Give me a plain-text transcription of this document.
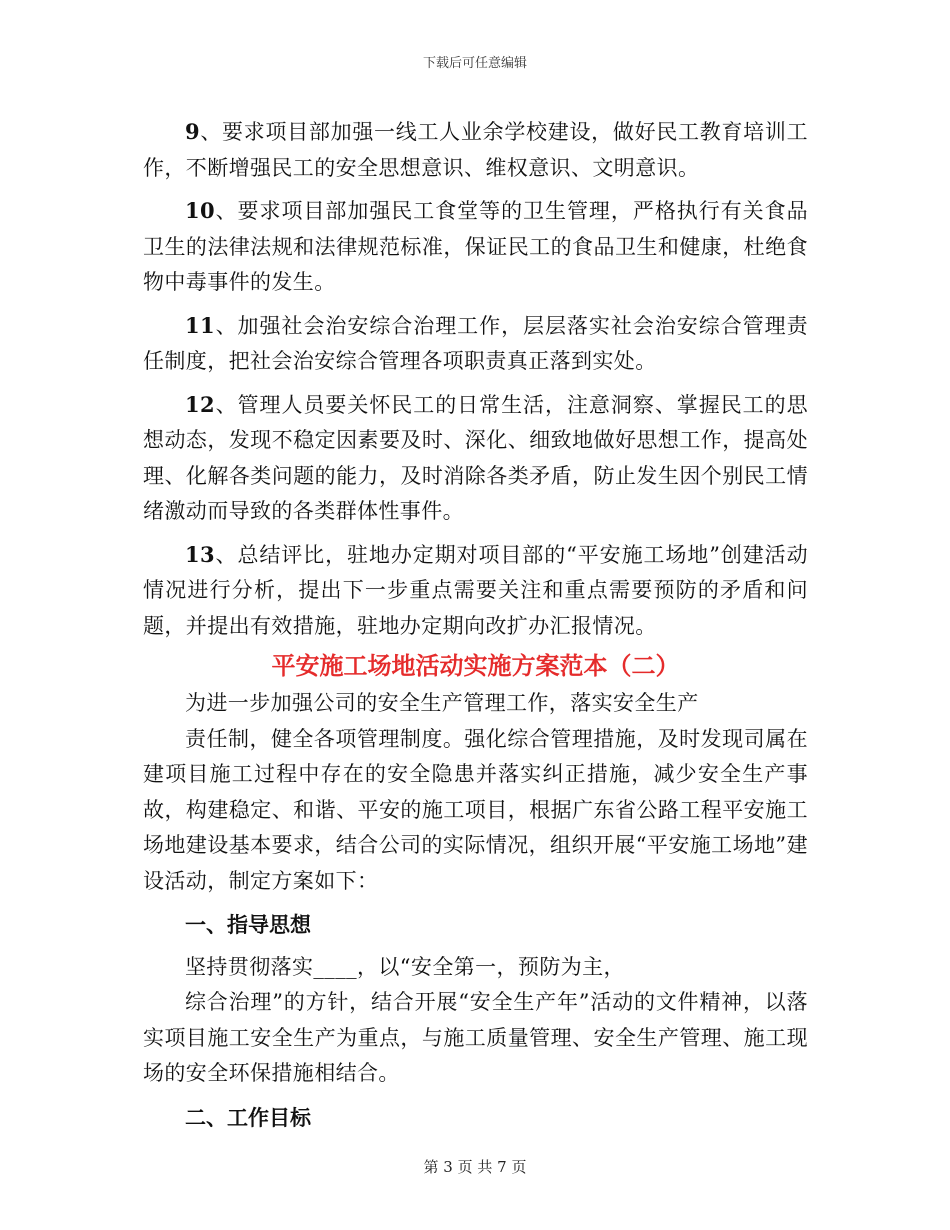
下载后可任意编辑

9、要求项目部加强一线工人业余学校建设，做好民工教育培训工作，不断增强民工的安全思想意识、维权意识、文明意识。

10、要求项目部加强民工食堂等的卫生管理，严格执行有关食品卫生的法律法规和法律规范标准，保证民工的食品卫生和健康，杜绝食物中毒事件的发生。

11、加强社会治安综合治理工作，层层落实社会治安综合管理责任制度，把社会治安综合管理各项职责真正落到实处。

12、管理人员要关怀民工的日常生活，注意洞察、掌握民工的思想动态，发现不稳定因素要及时、深化、细致地做好思想工作，提高处理、化解各类问题的能力，及时消除各类矛盾，防止发生因个别民工情绪激动而导致的各类群体性事件。

13、总结评比，驻地办定期对项目部的“平安施工场地”创建活动情况进行分析，提出下一步重点需要关注和重点需要预防的矛盾和问题，并提出有效措施，驻地办定期向改扩办汇报情况。

平安施工场地活动实施方案范本（二）

为进一步加强公司的安全生产管理工作，落实安全生产

责任制，健全各项管理制度。强化综合管理措施，及时发现司属在建项目施工过程中存在的安全隐患并落实纠正措施，减少安全生产事故，构建稳定、和谐、平安的施工项目，根据广东省公路工程平安施工场地建设基本要求，结合公司的实际情况，组织开展“平安施工场地”建设活动，制定方案如下：

一、指导思想

坚持贯彻落实____，以“安全第一，预防为主，

综合治理”的方针，结合开展“安全生产年”活动的文件精神，以落实项目施工安全生产为重点，与施工质量管理、安全生产管理、施工现场的安全环保措施相结合。

二、工作目标
第 3 页 共 7 页
